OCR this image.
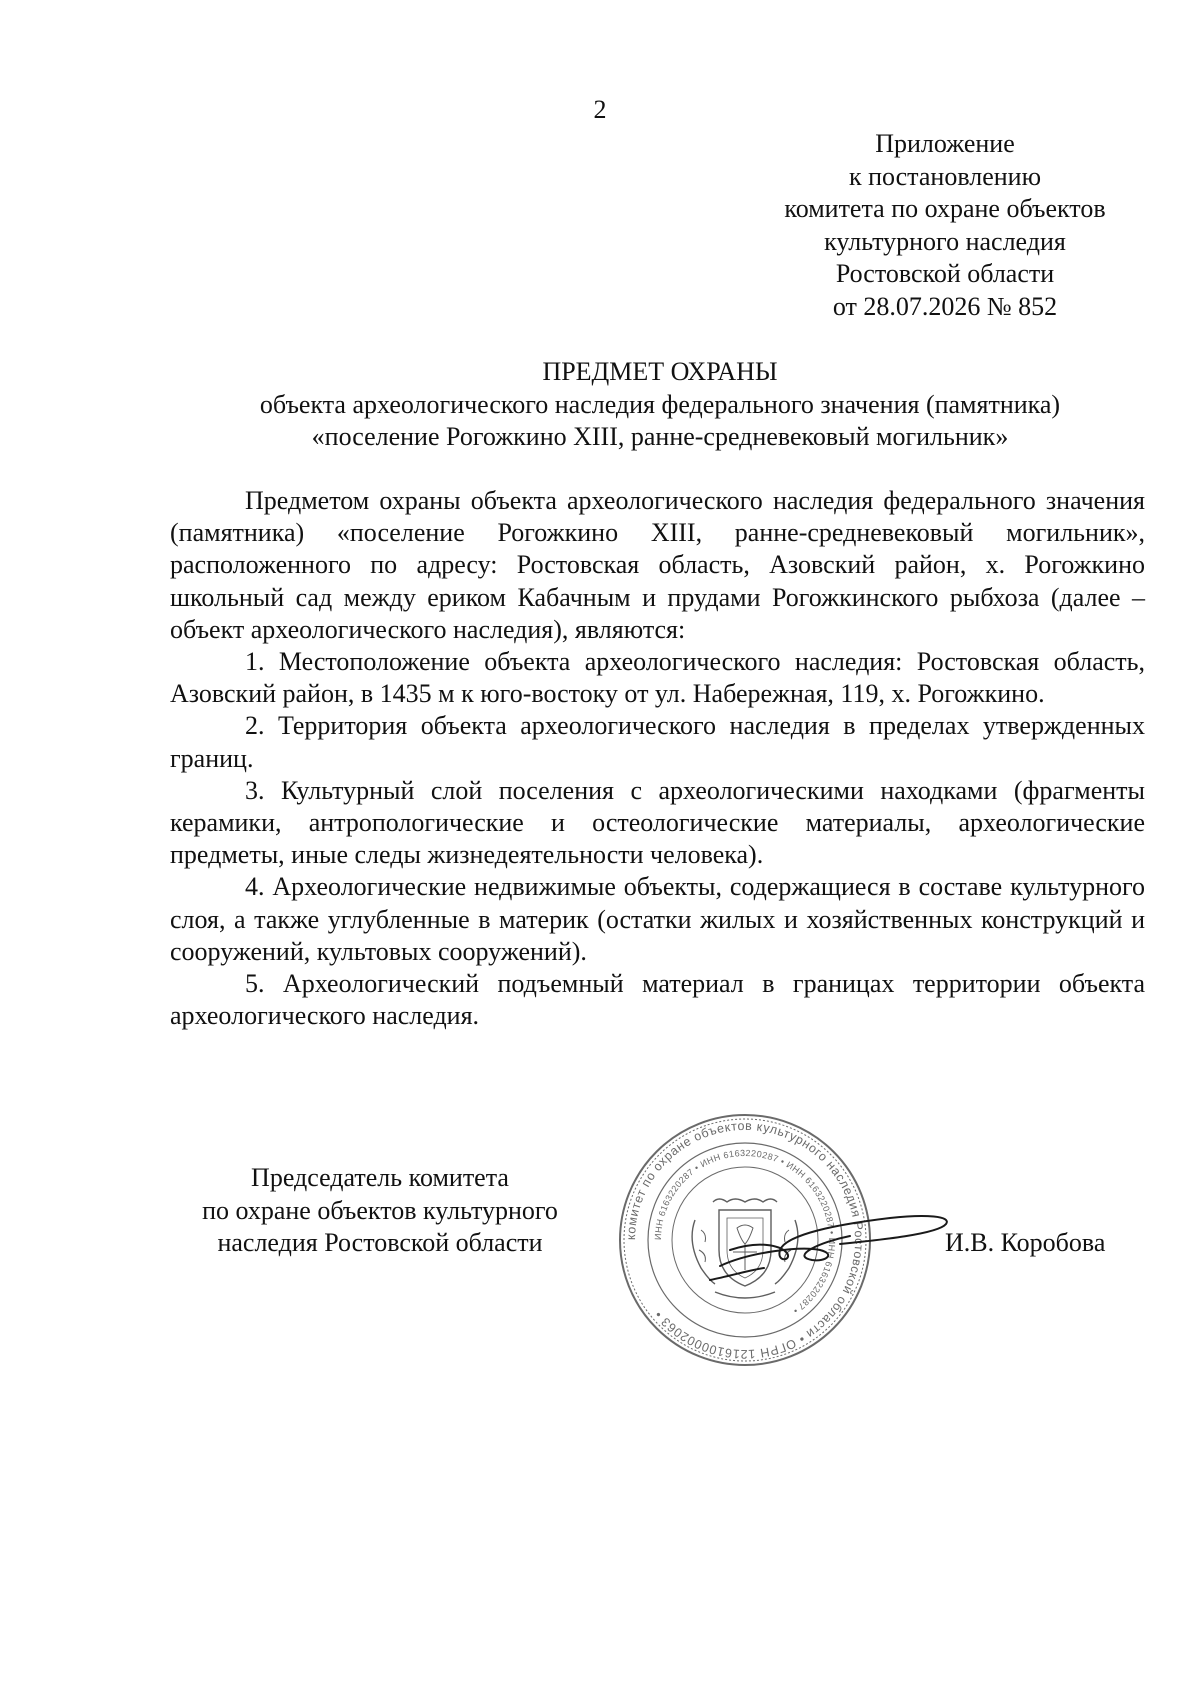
2
Приложение
к постановлению
комитета по охране объектов
культурного наследия
Ростовской области
от 28.07.2026 № 852
ПРЕДМЕТ ОХРАНЫ
объекта археологического наследия федерального значения (памятника)
«поселение Рогожкино XIII, ранне-средневековый могильник»

Предметом охраны объекта археологического наследия федерального значения (памятника) «поселение Рогожкино XIII, ранне-средневековый могильник», расположенного по адресу: Ростовская область, Азовский район, х. Рогожкино школьный сад между ериком Кабачным и прудами Рогожкинского рыбхоза (далее – объект археологического наследия), являются:

1. Местоположение объекта археологического наследия: Ростовская область, Азовский район, в 1435 м к юго-востоку от ул. Набережная, 119, х. Рогожкино.

2. Территория объекта археологического наследия в пределах утвержденных границ.

3. Культурный слой поселения с археологическими находками (фрагменты керамики, антропологические и остеологические материалы, археологические предметы, иные следы жизнедеятельности человека).

4. Археологические недвижимые объекты, содержащиеся в составе культурного слоя, а также углубленные в материк (остатки жилых и хозяйственных конструкций и сооружений, культовых сооружений).

5. Археологический подъемный материал в границах территории объекта археологического наследия.

Председатель комитета
по охране объектов культурного
наследия Ростовской области	комитет по охране объектов культурного наследия Ростовской области • ОГРН 1216100002063 •
ИНН 6163220287 • ИНН 6163220287 • ИНН 6163220287 • ИНН 6163220287 •
И.В. Коробова
